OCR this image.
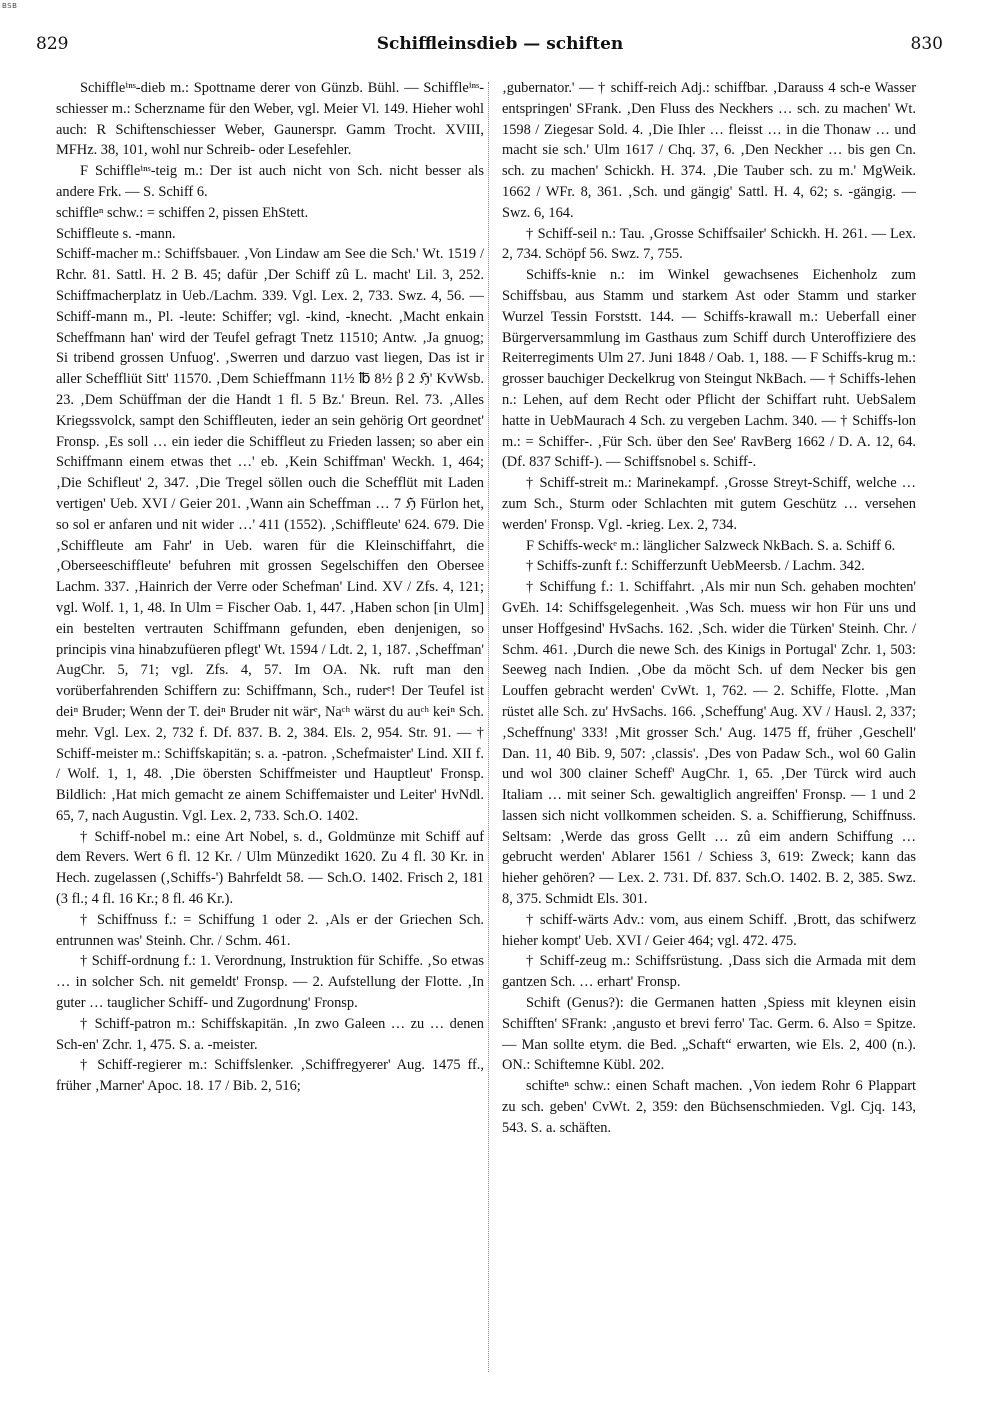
BSB
829	Schiffleinsdieb — schiften	830

Schiffleⁱⁿˢ-dieb m.: Spottname derer von Günzb. Bühl. — Schiffleⁱⁿˢ-schiesser m.: Scherzname für den Weber, vgl. Meier Vl. 149. Hieher wohl auch: R Schiftenschiesser Weber, Gaunerspr. Gamm Trocht. XVIII, MFHz. 38, 101, wohl nur Schreib- oder Lesefehler.

F Schiffleⁱⁿˢ-teig m.: Der ist auch nicht von Sch. nicht besser als andere Frk. — S. Schiff 6.

schiffleⁿ schw.: = schiffen 2, pissen EhStett.

Schiffleute s. -mann.

Schiff-macher m.: Schiffsbauer. ‚Von Lindaw am See die Sch.' Wt. 1519 / Rchr. 81. Sattl. H. 2 B. 45; dafür ‚Der Schiff zû L. macht' Lil. 3, 252. Schiffmacherplatz in Ueb./Lachm. 339. Vgl. Lex. 2, 733. Swz. 4, 56. — Schiff-mann m., Pl. -leute: Schiffer; vgl. -kind, -knecht. ‚Macht enkain Scheffmann han' wird der Teufel gefragt Tnetz 11510; Antw. ‚Ja gnuog; Si tribend grossen Unfuog'. ‚Swerren und darzuo vast liegen, Das ist ir aller Scheffliüt Sitt' 11570. ‚Dem Schieffmann 11½ ℔ 8½ β 2 ℌ' KvWsb. 23. ‚Dem Schüffman der die Handt 1 fl. 5 Bz.' Breun. Rel. 73. ‚Alles Kriegssvolck, sampt den Schiffleuten, ieder an sein gehörig Ort geordnet' Fronsp. ‚Es soll … ein ieder die Schiffleut zu Frieden lassen; so aber ein Schiffmann einem etwas thet …' eb. ‚Kein Schiffman' Weckh. 1, 464; ‚Die Schifleut' 2, 347. ‚Die Tregel söllen ouch die Schefflüt mit Laden vertigen' Ueb. XVI / Geier 201. ‚Wann ain Scheffman … 7 ℌ Fürlon het, so sol er anfaren und nit wider …' 411 (1552). ‚Schiffleute' 624. 679. Die ‚Schiffleute am Fahr' in Ueb. waren für die Kleinschiffahrt, die ‚Oberseeschiffleute' befuhren mit grossen Segelschiffen den Obersee Lachm. 337. ‚Hainrich der Verre oder Schefman' Lind. XV / Zfs. 4, 121; vgl. Wolf. 1, 1, 48. In Ulm = Fischer Oab. 1, 447. ‚Haben schon [in Ulm] ein bestelten vertrauten Schiffmann gefunden, eben denjenigen, so principis vina hinabzufüeren pflegt' Wt. 1594 / Ldt. 2, 1, 187. ‚Scheffman' AugChr. 5, 71; vgl. Zfs. 4, 57. Im OA. Nk. ruft man den vorüberfahrenden Schiffern zu: Schiffmann, Sch., ruderᵉ! Der Teufel ist deiⁿ Bruder; Wenn der T. deiⁿ Bruder nit wärᵉ, Naᶜʰ wärst du auᶜʰ keiⁿ Sch. mehr. Vgl. Lex. 2, 732 f. Df. 837. B. 2, 384. Els. 2, 954. Str. 91. — † Schiff-meister m.: Schiffskapitän; s. a. -patron. ‚Schefmaister' Lind. XII f. / Wolf. 1, 1, 48. ‚Die öbersten Schiffmeister und Hauptleut' Fronsp. Bildlich: ‚Hat mich gemacht ze ainem Schiffemaister und Leiter' HvNdl. 65, 7, nach Augustin. Vgl. Lex. 2, 733. Sch.O. 1402.

† Schiff-nobel m.: eine Art Nobel, s. d., Goldmünze mit Schiff auf dem Revers. Wert 6 fl. 12 Kr. / Ulm Münzedikt 1620. Zu 4 fl. 30 Kr. in Hech. zugelassen (‚Schiffs-') Bahrfeldt 58. — Sch.O. 1402. Frisch 2, 181 (3 fl.; 4 fl. 16 Kr.; 8 fl. 46 Kr.).

† Schiffnuss f.: = Schiffung 1 oder 2. ‚Als er der Griechen Sch. entrunnen was' Steinh. Chr. / Schm. 461.

† Schiff-ordnung f.: 1. Verordnung, Instruktion für Schiffe. ‚So etwas … in solcher Sch. nit gemeldt' Fronsp. — 2. Aufstellung der Flotte. ‚In guter … tauglicher Schiff- und Zugordnung' Fronsp.

† Schiff-patron m.: Schiffskapitän. ‚In zwo Galeen … zu … denen Sch-en' Zchr. 1, 475. S. a. -meister.

† Schiff-regierer m.: Schiffslenker. ‚Schiffregyerer' Aug. 1475 ff., früher ‚Marner' Apoc. 18. 17 / Bib. 2, 516;

‚gubernator.' — † schiff-reich Adj.: schiffbar. ‚Darauss 4 sch-e Wasser entspringen' SFrank. ‚Den Fluss des Neckhers … sch. zu machen' Wt. 1598 / Ziegesar Sold. 4. ‚Die Ihler … fleisst … in die Thonaw … und macht sie sch.' Ulm 1617 / Chq. 37, 6. ‚Den Neckher … bis gen Cn. sch. zu machen' Schickh. H. 374. ‚Die Tauber sch. zu m.' MgWeik. 1662 / WFr. 8, 361. ‚Sch. und gängig' Sattl. H. 4, 62; s. -gängig. — Swz. 6, 164.

† Schiff-seil n.: Tau. ‚Grosse Schiffsailer' Schickh. H. 261. — Lex. 2, 734. Schöpf 56. Swz. 7, 755.

Schiffs-knie n.: im Winkel gewachsenes Eichenholz zum Schiffsbau, aus Stamm und starkem Ast oder Stamm und starker Wurzel Tessin Forststt. 144. — Schiffs-krawall m.: Ueberfall einer Bürgerversammlung im Gasthaus zum Schiff durch Unteroffiziere des Reiterregiments Ulm 27. Juni 1848 / Oab. 1, 188. — F Schiffs-krug m.: grosser bauchiger Deckelkrug von Steingut NkBach. — † Schiffs-lehen n.: Lehen, auf dem Recht oder Pflicht der Schiffart ruht. UebSalem hatte in UebMaurach 4 Sch. zu vergeben Lachm. 340. — † Schiffs-lon m.: = Schiffer-. ‚Für Sch. über den See' RavBerg 1662 / D. A. 12, 64. (Df. 837 Schiff-). — Schiffsnobel s. Schiff-.

† Schiff-streit m.: Marinekampf. ‚Grosse Streyt-Schiff, welche … zum Sch., Sturm oder Schlachten mit gutem Geschütz … versehen werden' Fronsp. Vgl. -krieg. Lex. 2, 734.

F Schiffs-weckᵉ m.: länglicher Salzweck NkBach. S. a. Schiff 6.

† Schiffs-zunft f.: Schifferzunft UebMeersb. / Lachm. 342.

† Schiffung f.: 1. Schiffahrt. ‚Als mir nun Sch. gehaben mochten' GvEh. 14: Schiffsgelegenheit. ‚Was Sch. muess wir hon Für uns und unser Hoffgesind' HvSachs. 162. ‚Sch. wider die Türken' Steinh. Chr. / Schm. 461. ‚Durch die newe Sch. des Kinigs in Portugal' Zchr. 1, 503: Seeweg nach Indien. ‚Obe da möcht Sch. uf dem Necker bis gen Louffen gebracht werden' CvWt. 1, 762. — 2. Schiffe, Flotte. ‚Man rüstet alle Sch. zu' HvSachs. 166. ‚Scheffung' Aug. XV / Hausl. 2, 337; ‚Scheffnung' 333! ‚Mit grosser Sch.' Aug. 1475 ff, früher ‚Geschell' Dan. 11, 40 Bib. 9, 507: ‚classis'. ‚Des von Padaw Sch., wol 60 Galin und wol 300 clainer Scheff' AugChr. 1, 65. ‚Der Türck wird auch Italiam … mit seiner Sch. gewaltiglich angreiffen' Fronsp. — 1 und 2 lassen sich nicht vollkommen scheiden. S. a. Schiffierung, Schiffnuss. Seltsam: ‚Werde das gross Gellt … zû eim andern Schiffung … gebrucht werden' Ablarer 1561 / Schiess 3, 619: Zweck; kann das hieher gehören? — Lex. 2. 731. Df. 837. Sch.O. 1402. B. 2, 385. Swz. 8, 375. Schmidt Els. 301.

† schiff-wärts Adv.: vom, aus einem Schiff. ‚Brott, das schifwerz hieher kompt' Ueb. XVI / Geier 464; vgl. 472. 475.

† Schiff-zeug m.: Schiffsrüstung. ‚Dass sich die Armada mit dem gantzen Sch. … erhart' Fronsp.

Schift (Genus?): die Germanen hatten ‚Spiess mit kleynen eisin Schifften' SFrank: ‚angusto et brevi ferro' Tac. Germ. 6. Also = Spitze. — Man sollte etym. die Bed. „Schaft“ erwarten, wie Els. 2, 400 (n.). ON.: Schiftemne Kübl. 202.

schifteⁿ schw.: einen Schaft machen. ‚Von iedem Rohr 6 Plappart zu sch. geben' CvWt. 2, 359: den Büchsenschmieden. Vgl. Cjq. 143, 543. S. a. schäften.
